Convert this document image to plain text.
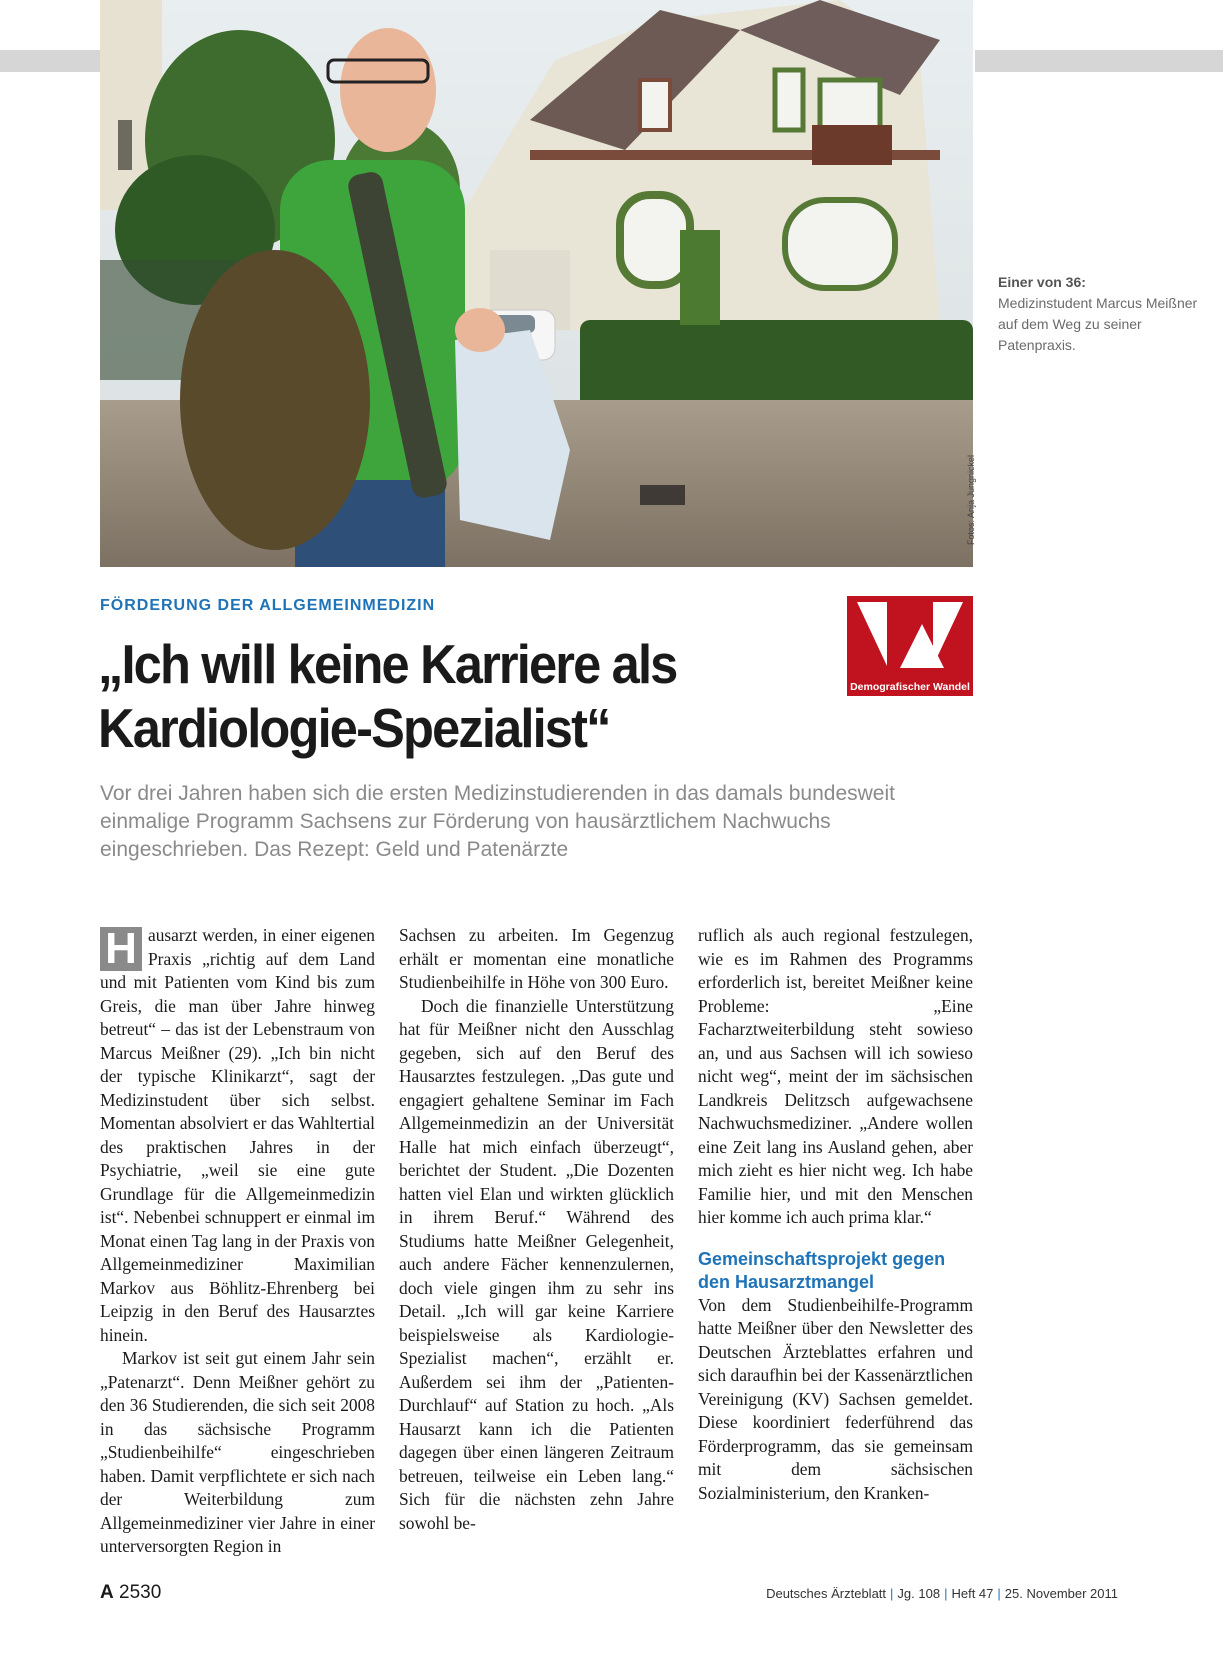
Fotos: Anja Jungnickel
Einer von 36:
Medizinstudent Marcus Meißner auf dem Weg zu seiner Patenpraxis.
FÖRDERUNG DER ALLGEMEINMEDIZIN
„Ich will keine Karriere als Kardiologie-Spezialist“

Vor drei Jahren haben sich die ersten Medizinstudierenden in das damals bundesweit einmalige Programm Sachsens zur Förderung von hausärztlichem Nachwuchs eingeschrieben. Das Rezept: Geld und Patenärzte

Demografischer Wandel

H ausarzt werden, in einer eigenen Praxis „richtig auf dem Land und mit Patienten vom Kind bis zum Greis, die man über Jahre hinweg betreut“ – das ist der Lebenstraum von Marcus Meißner (29). „Ich bin nicht der typische Klinikarzt“, sagt der Medizinstudent über sich selbst. Momentan absolviert er das Wahltertial des praktischen Jahres in der Psychiatrie, „weil sie eine gute Grundlage für die Allgemeinmedizin ist“. Nebenbei schnuppert er einmal im Monat einen Tag lang in der Praxis von Allgemeinmediziner Maximilian Markov aus Böhlitz-Ehrenberg bei Leipzig in den Beruf des Hausarztes hinein.

Markov ist seit gut einem Jahr sein „Patenarzt“. Denn Meißner gehört zu den 36 Studierenden, die sich seit 2008 in das sächsische Programm „Studienbeihilfe“ eingeschrieben haben. Damit verpflichtete er sich nach der Weiterbildung zum Allgemeinmediziner vier Jahre in einer unterversorgten Region in

Sachsen zu arbeiten. Im Gegenzug erhält er momentan eine monatliche Studienbeihilfe in Höhe von 300 Euro.

Doch die finanzielle Unterstützung hat für Meißner nicht den Ausschlag gegeben, sich auf den Beruf des Hausarztes festzulegen. „Das gute und engagiert gehaltene Seminar im Fach Allgemeinmedizin an der Universität Halle hat mich einfach überzeugt“, berichtet der Student. „Die Dozenten hatten viel Elan und wirkten glücklich in ihrem Beruf.“ Während des Studiums hatte Meißner Gelegenheit, auch andere Fächer kennenzulernen, doch viele gingen ihm zu sehr ins Detail. „Ich will gar keine Karriere beispielsweise als Kardiologie-Spezialist machen“, erzählt er. Außerdem sei ihm der „Patienten-Durchlauf“ auf Station zu hoch. „Als Hausarzt kann ich die Patienten dagegen über einen längeren Zeitraum betreuen, teilweise ein Leben lang.“ Sich für die nächsten zehn Jahre sowohl be-

ruflich als auch regional festzulegen, wie es im Rahmen des Programms erforderlich ist, bereitet Meißner keine Probleme: „Eine Facharztweiterbildung steht sowieso an, und aus Sachsen will ich sowieso nicht weg“, meint der im sächsischen Landkreis Delitzsch aufgewachsene Nachwuchsmediziner. „Andere wollen eine Zeit lang ins Ausland gehen, aber mich zieht es hier nicht weg. Ich habe Familie hier, und mit den Menschen hier komme ich auch prima klar.“

Gemeinschaftsprojekt gegen den Hausarztmangel

Von dem Studienbeihilfe-Programm hatte Meißner über den Newsletter des Deutschen Ärzteblattes erfahren und sich daraufhin bei der Kassenärztlichen Vereinigung (KV) Sachsen gemeldet. Diese koordiniert federführend das Förderprogramm, das sie gemeinsam mit dem sächsischen Sozialministerium, den Kranken-

A 2530	Deutsches Ärzteblatt | Jg. 108 | Heft 47 | 25. November 2011
